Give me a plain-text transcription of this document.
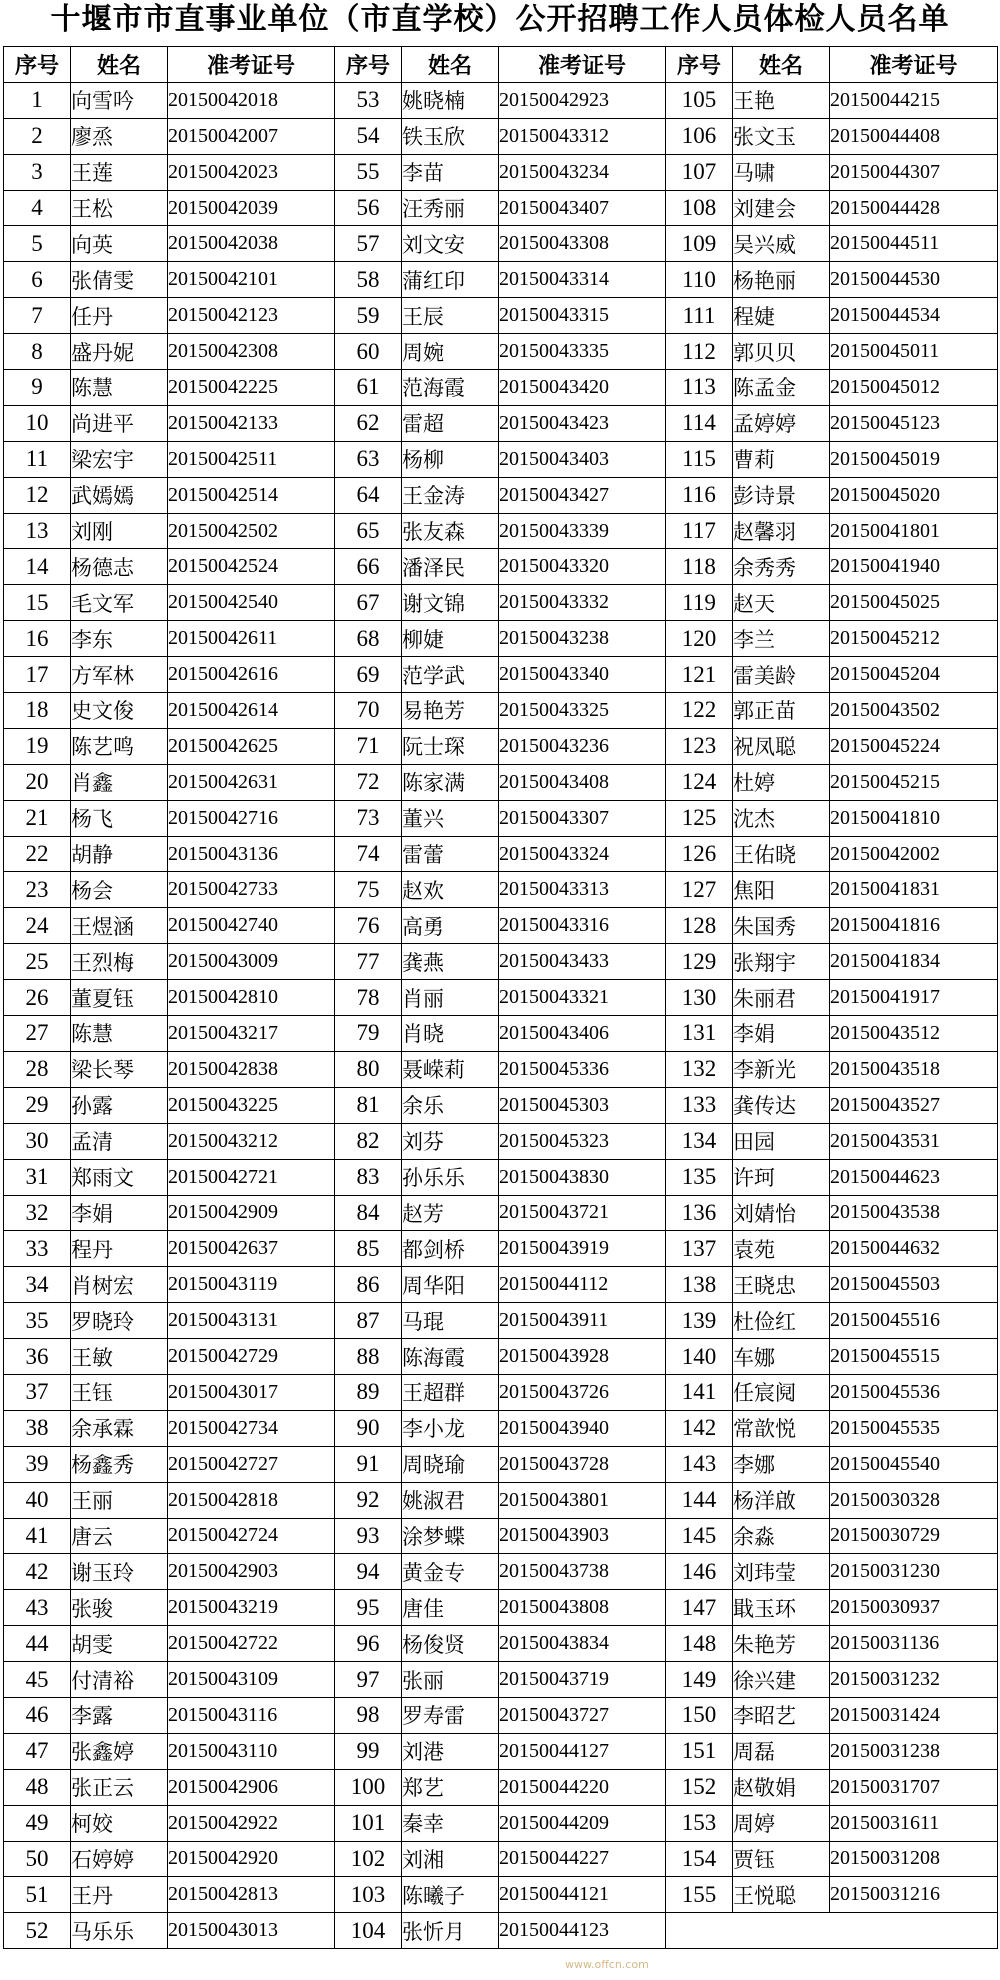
十堰市市直事业单位（市直学校）公开招聘工作人员体检人员名单
序号	姓名	准考证号	序号	姓名	准考证号	序号	姓名	准考证号
1	向雪吟	20150042018	53	姚晓楠	20150042923	105	王艳	20150044215
2	廖烝	20150042007	54	铁玉欣	20150043312	106	张文玉	20150044408
3	王莲	20150042023	55	李苗	20150043234	107	马啸	20150044307
4	王松	20150042039	56	汪秀丽	20150043407	108	刘建会	20150044428
5	向英	20150042038	57	刘文安	20150043308	109	吴兴威	20150044511
6	张倩雯	20150042101	58	蒲红印	20150043314	110	杨艳丽	20150044530
7	任丹	20150042123	59	王辰	20150043315	111	程婕	20150044534
8	盛丹妮	20150042308	60	周婉	20150043335	112	郭贝贝	20150045011
9	陈慧	20150042225	61	范海霞	20150043420	113	陈孟金	20150045012
10	尚进平	20150042133	62	雷超	20150043423	114	孟婷婷	20150045123
11	梁宏宇	20150042511	63	杨柳	20150043403	115	曹莉	20150045019
12	武嫣嫣	20150042514	64	王金涛	20150043427	116	彭诗景	20150045020
13	刘刚	20150042502	65	张友森	20150043339	117	赵馨羽	20150041801
14	杨德志	20150042524	66	潘泽民	20150043320	118	余秀秀	20150041940
15	毛文军	20150042540	67	谢文锦	20150043332	119	赵天	20150045025
16	李东	20150042611	68	柳婕	20150043238	120	李兰	20150045212
17	方军林	20150042616	69	范学武	20150043340	121	雷美龄	20150045204
18	史文俊	20150042614	70	易艳芳	20150043325	122	郭正苗	20150043502
19	陈艺鸣	20150042625	71	阮士琛	20150043236	123	祝凤聪	20150045224
20	肖鑫	20150042631	72	陈家满	20150043408	124	杜婷	20150045215
21	杨飞	20150042716	73	董兴	20150043307	125	沈杰	20150041810
22	胡静	20150043136	74	雷蕾	20150043324	126	王佑晓	20150042002
23	杨会	20150042733	75	赵欢	20150043313	127	焦阳	20150041831
24	王煜涵	20150042740	76	高勇	20150043316	128	朱国秀	20150041816
25	王烈梅	20150043009	77	龚燕	20150043433	129	张翔宇	20150041834
26	董夏钰	20150042810	78	肖丽	20150043321	130	朱丽君	20150041917
27	陈慧	20150043217	79	肖晓	20150043406	131	李娟	20150043512
28	梁长琴	20150042838	80	聂嵘莉	20150045336	132	李新光	20150043518
29	孙露	20150043225	81	余乐	20150045303	133	龚传达	20150043527
30	孟清	20150043212	82	刘芬	20150045323	134	田园	20150043531
31	郑雨文	20150042721	83	孙乐乐	20150043830	135	许珂	20150044623
32	李娟	20150042909	84	赵芳	20150043721	136	刘婧怡	20150043538
33	程丹	20150042637	85	都剑桥	20150043919	137	袁苑	20150044632
34	肖树宏	20150043119	86	周华阳	20150044112	138	王晓忠	20150045503
35	罗晓玲	20150043131	87	马琨	20150043911	139	杜俭红	20150045516
36	王敏	20150042729	88	陈海霞	20150043928	140	车娜	20150045515
37	王钰	20150043017	89	王超群	20150043726	141	任宸阋	20150045536
38	余承霖	20150042734	90	李小龙	20150043940	142	常歆悦	20150045535
39	杨鑫秀	20150042727	91	周晓瑜	20150043728	143	李娜	20150045540
40	王丽	20150042818	92	姚淑君	20150043801	144	杨洋啟	20150030328
41	唐云	20150042724	93	涂梦蝶	20150043903	145	余淼	20150030729
42	谢玉玲	20150042903	94	黄金专	20150043738	146	刘玮莹	20150031230
43	张骏	20150043219	95	唐佳	20150043808	147	戢玉环	20150030937
44	胡雯	20150042722	96	杨俊贤	20150043834	148	朱艳芳	20150031136
45	付清裕	20150043109	97	张丽	20150043719	149	徐兴建	20150031232
46	李露	20150043116	98	罗寿雷	20150043727	150	李昭艺	20150031424
47	张鑫婷	20150043110	99	刘港	20150044127	151	周磊	20150031238
48	张正云	20150042906	100	郑艺	20150044220	152	赵敬娟	20150031707
49	柯姣	20150042922	101	秦幸	20150044209	153	周婷	20150031611
50	石婷婷	20150042920	102	刘湘	20150044227	154	贾钰	20150031208
51	王丹	20150042813	103	陈曦子	20150044121	155	王悦聪	20150031216
52	马乐乐	20150043013	104	张忻月	20150044123			
www.offcn.com
